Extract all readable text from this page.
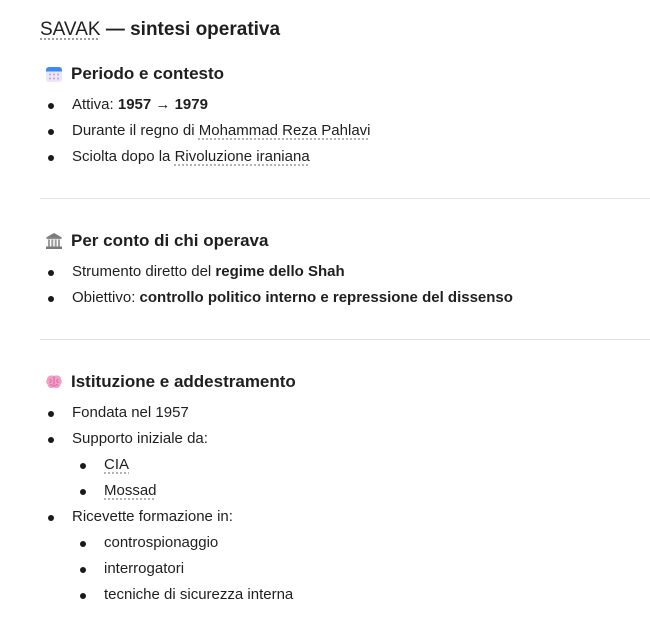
SAVAK — sintesi operativa
Periodo e contesto
Attiva: 1957 → 1979
Durante il regno di Mohammad Reza Pahlavi
Sciolta dopo la Rivoluzione iraniana
Per conto di chi operava
Strumento diretto del regime dello Shah
Obiettivo: controllo politico interno e repressione del dissenso
Istituzione e addestramento
Fondata nel 1957
Supporto iniziale da:
CIA
Mossad
Ricevette formazione in:
controspionaggio
interrogatori
tecniche di sicurezza interna
